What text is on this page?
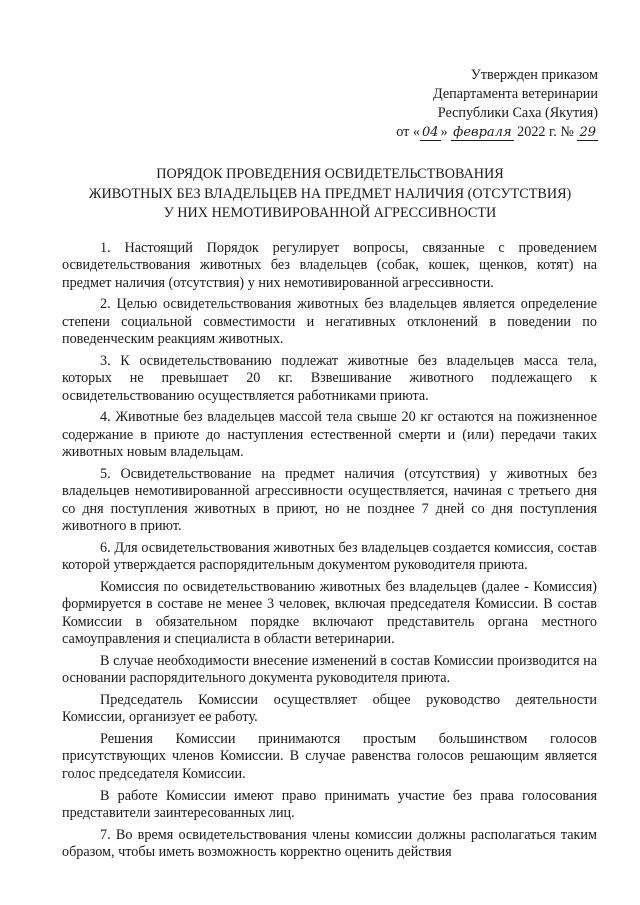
Утвержден приказом
Департамента ветеринарии
Республики Саха (Якутия)
от « 04 » февраля 2022 г. № 29
ПОРЯДОК ПРОВЕДЕНИЯ ОСВИДЕТЕЛЬСТВОВАНИЯ
ЖИВОТНЫХ БЕЗ ВЛАДЕЛЬЦЕВ НА ПРЕДМЕТ НАЛИЧИЯ (ОТСУТСТВИЯ)
У НИХ НЕМОТИВИРОВАННОЙ АГРЕССИВНОСТИ

1. Настоящий Порядок регулирует вопросы, связанные с проведением освидетельствования животных без владельцев (собак, кошек, щенков, котят) на предмет наличия (отсутствия) у них немотивированной агрессивности.

2. Целью освидетельствования животных без владельцев является определение степени социальной совместимости и негативных отклонений в поведении по поведенческим реакциям животных.

3. К освидетельствованию подлежат животные без владельцев масса тела, которых не превышает 20 кг. Взвешивание животного подлежащего к освидетельствованию осуществляется работниками приюта.

4. Животные без владельцев массой тела свыше 20 кг остаются на пожизненное содержание в приюте до наступления естественной смерти и (или) передачи таких животных новым владельцам.

5. Освидетельствование на предмет наличия (отсутствия) у животных без владельцев немотивированной агрессивности осуществляется, начиная с третьего дня со дня поступления животных в приют, но не позднее 7 дней со дня поступления животного в приют.

6. Для освидетельствования животных без владельцев создается комиссия, состав которой утверждается распорядительным документом руководителя приюта.

Комиссия по освидетельствованию животных без владельцев (далее - Комиссия) формируется в составе не менее 3 человек, включая председателя Комиссии. В состав Комиссии в обязательном порядке включают представитель органа местного самоуправления и специалиста в области ветеринарии.

В случае необходимости внесение изменений в состав Комиссии производится на основании распорядительного документа руководителя приюта.

Председатель Комиссии осуществляет общее руководство деятельности Комиссии, организует ее работу.

Решения Комиссии принимаются простым большинством голосов присутствующих членов Комиссии. В случае равенства голосов решающим является голос председателя Комиссии.

В работе Комиссии имеют право принимать участие без права голосования представители заинтересованных лиц.

7. Во время освидетельствования члены комиссии должны располагаться таким образом, чтобы иметь возможность корректно оценить действия
